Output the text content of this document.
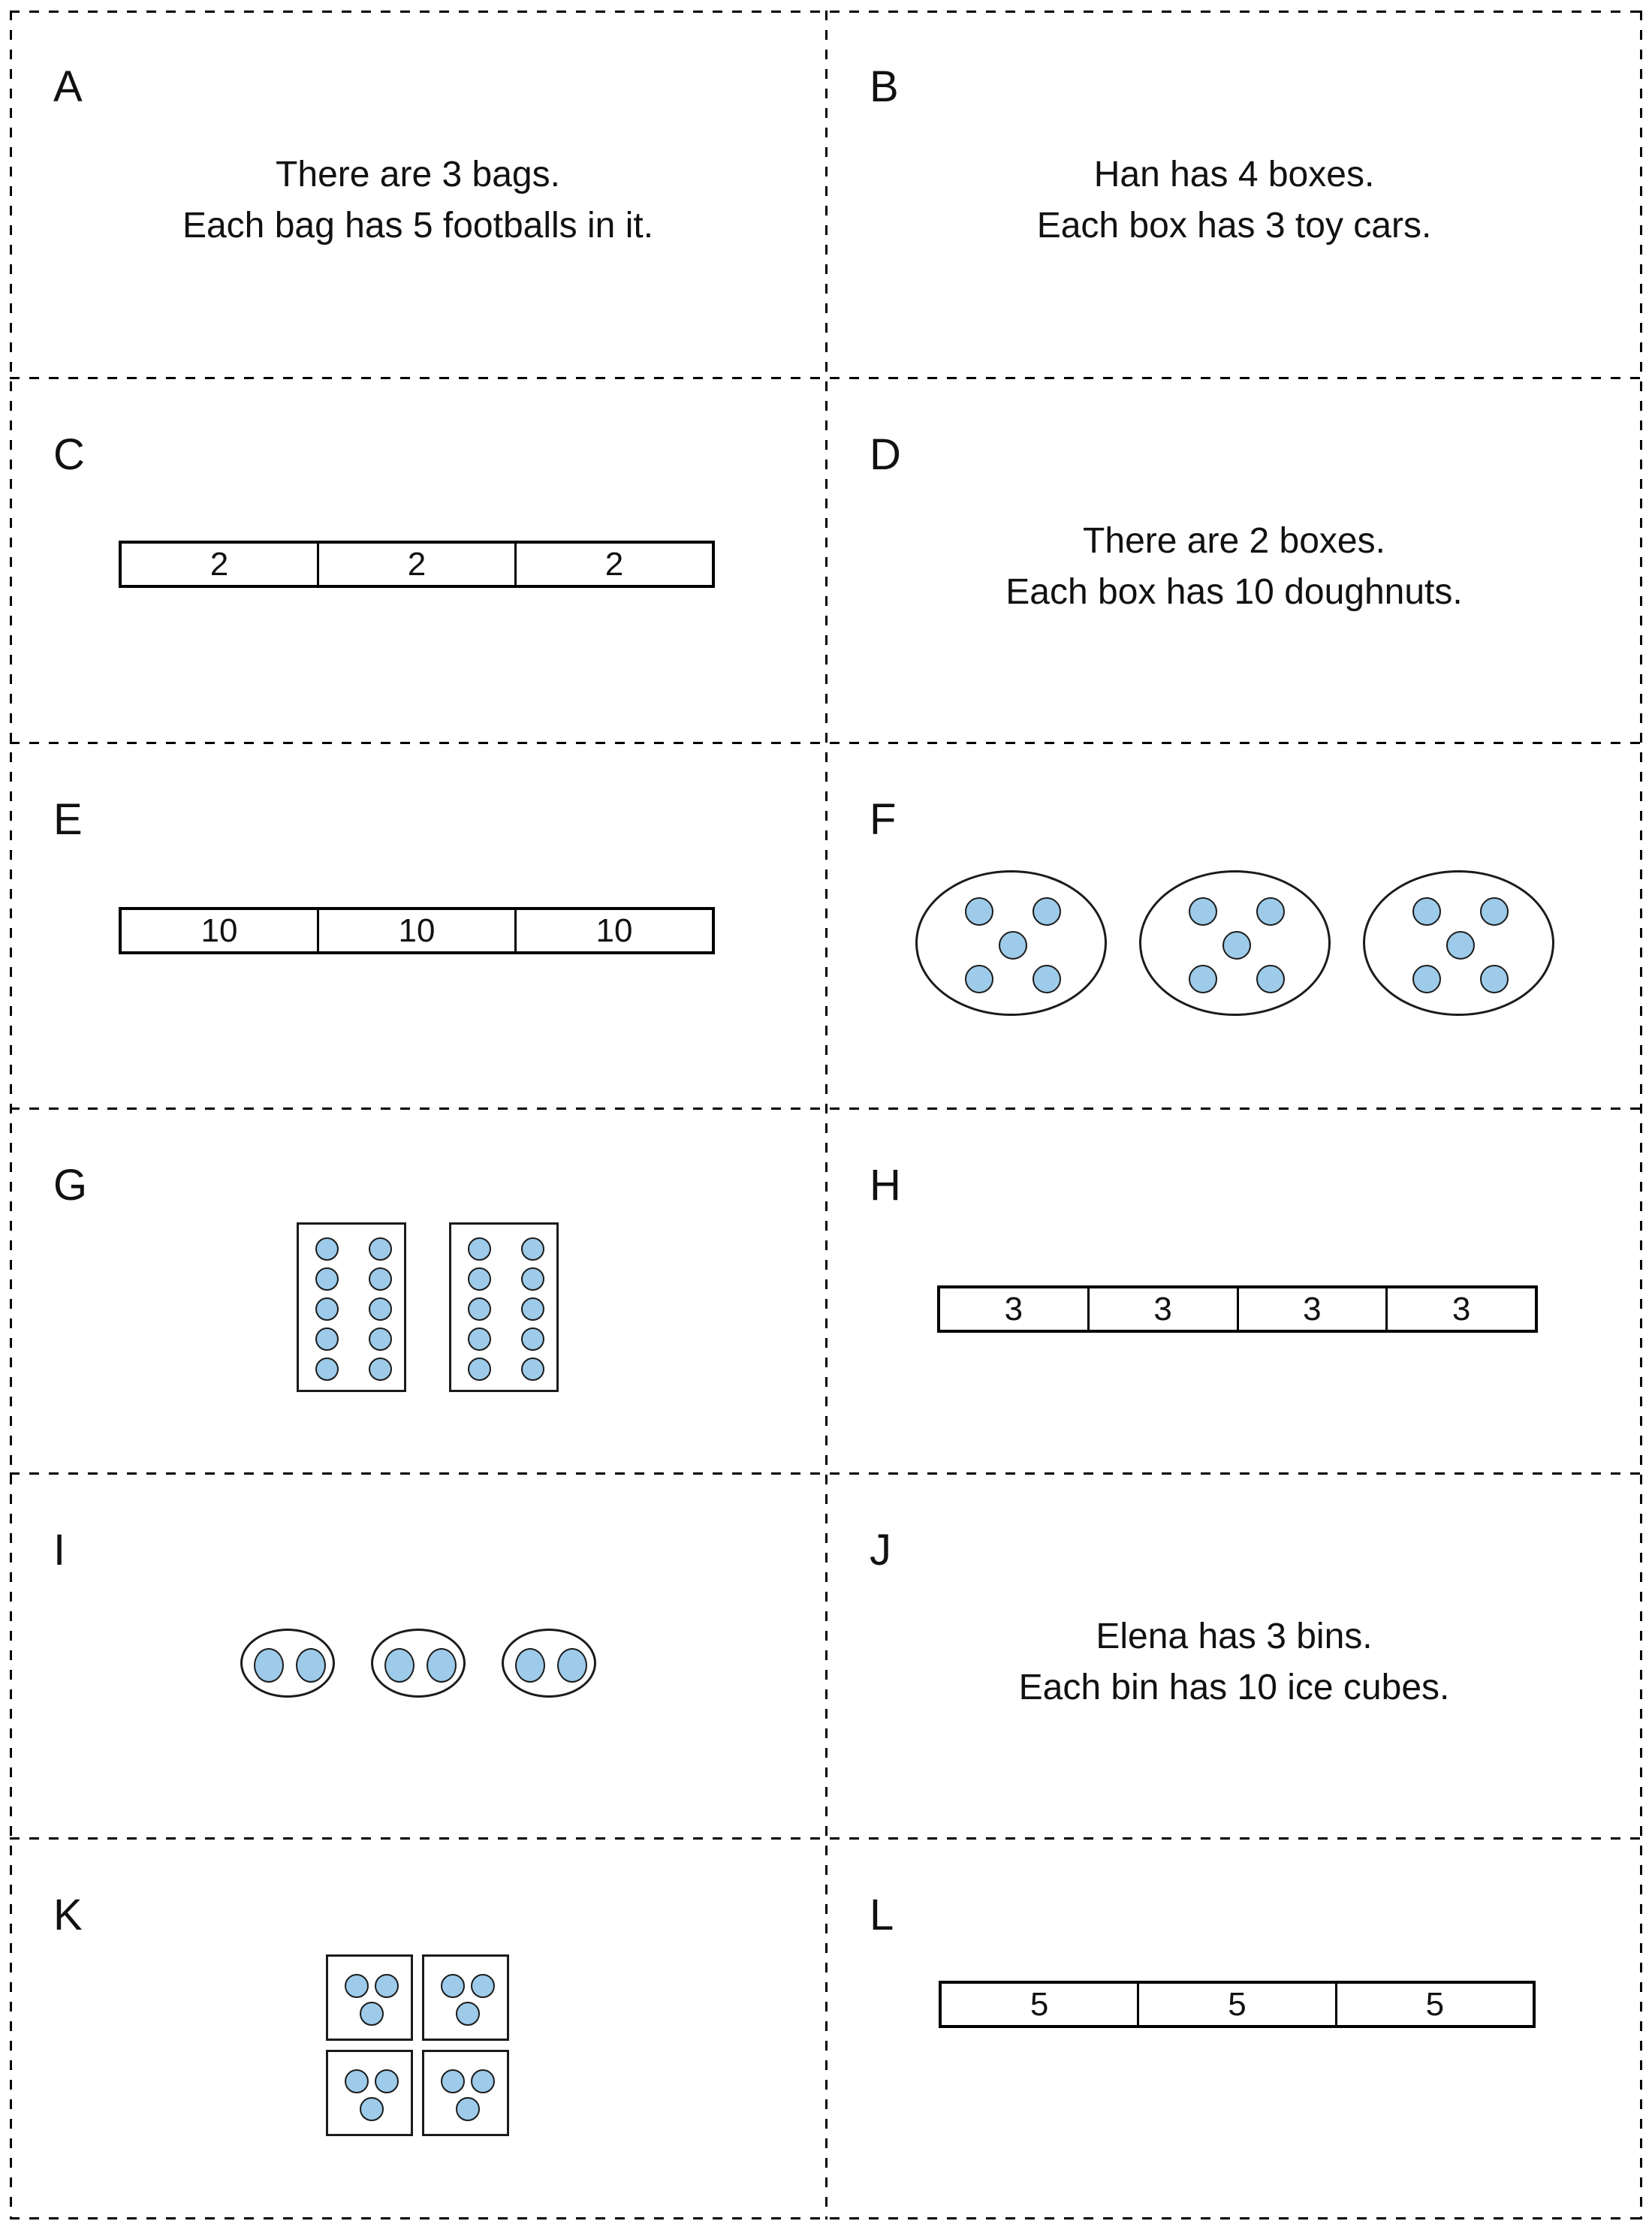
A
There are 3 bags.
Each bag has 5 footballs in it.
B
Han has 4 boxes.
Each box has 3 toy cars.
C
2	2	2
D
There are 2 boxes.
Each box has 10 doughnuts.
E
10	10	10
F
G	H
3	3	3	3
I	J
Elena has 3 bins.
Each bin has 10 ice cubes.
K	L
5	5	5
